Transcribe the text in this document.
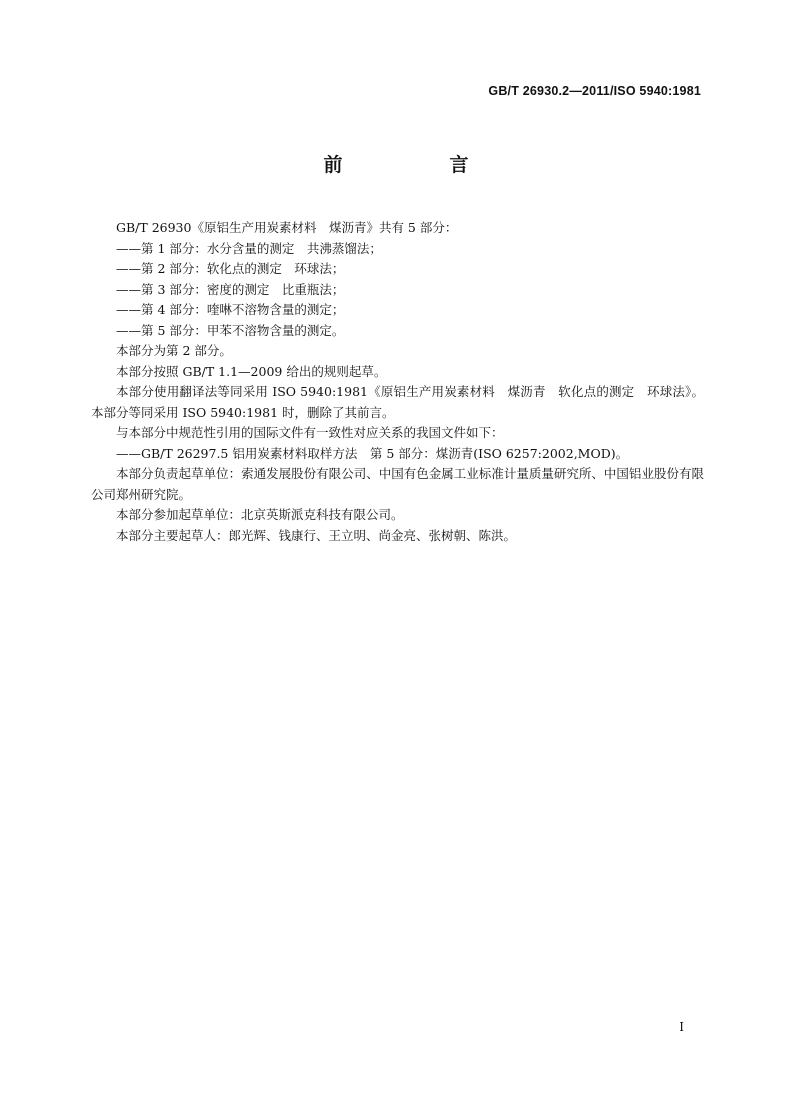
GB/T 26930.2—2011/ISO 5940:1981
前　言

GB/T 26930《原铝生产用炭素材料　煤沥青》共有 5 部分：

——第 1 部分：水分含量的测定　共沸蒸馏法；

——第 2 部分：软化点的测定　环球法；

——第 3 部分：密度的测定　比重瓶法；

——第 4 部分：喹啉不溶物含量的测定；

——第 5 部分：甲苯不溶物含量的测定。

本部分为第 2 部分。

本部分按照 GB/T 1.1—2009 给出的规则起草。

本部分使用翻译法等同采用 ISO 5940:1981《原铝生产用炭素材料　煤沥青　软化点的测定　环球法》。本部分等同采用 ISO 5940:1981 时，删除了其前言。

与本部分中规范性引用的国际文件有一致性对应关系的我国文件如下：

——GB/T 26297.5 铝用炭素材料取样方法　第 5 部分：煤沥青(ISO 6257:2002,MOD)。

本部分负责起草单位：索通发展股份有限公司、中国有色金属工业标准计量质量研究所、中国铝业股份有限公司郑州研究院。

本部分参加起草单位：北京英斯派克科技有限公司。

本部分主要起草人：郎光辉、钱康行、王立明、尚金亮、张树朝、陈洪。

I
